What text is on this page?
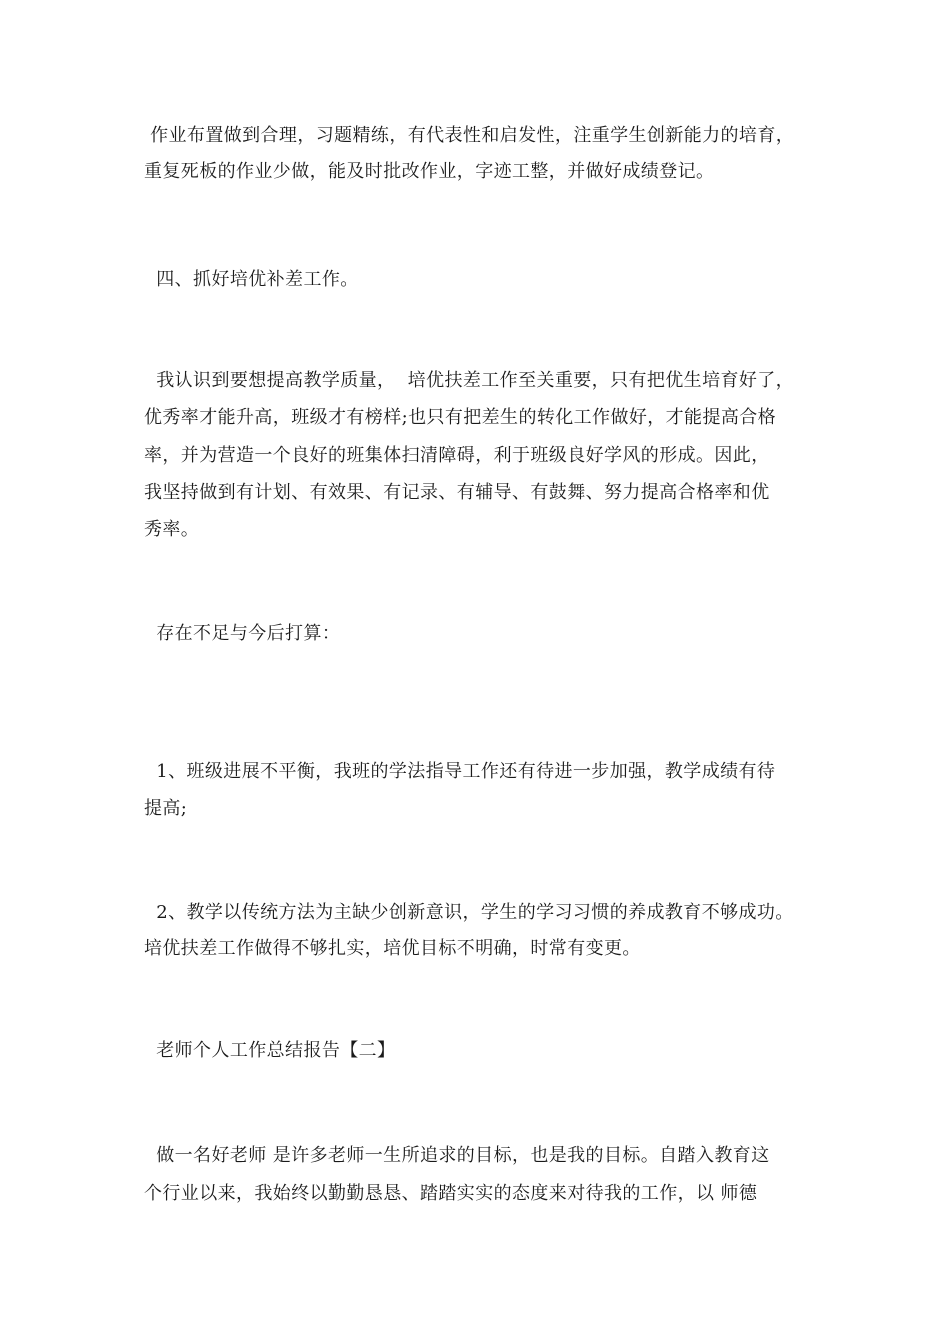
作业布置做到合理，习题精练，有代表性和启发性，注重学生创新能力的培育，
重复死板的作业少做，能及时批改作业，字迹工整，并做好成绩登记。
四、抓好培优补差工作。
我认识到要想提高教学质量，  培优扶差工作至关重要，只有把优生培育好了，
优秀率才能升高，班级才有榜样;也只有把差生的转化工作做好，才能提高合格
率，并为营造一个良好的班集体扫清障碍，利于班级良好学风的形成。因此，
我坚持做到有计划、有效果、有记录、有辅导、有鼓舞、努力提高合格率和优
秀率。
存在不足与今后打算：
1、班级进展不平衡，我班的学法指导工作还有待进一步加强，教学成绩有待
提高;
2、教学以传统方法为主缺少创新意识，学生的学习习惯的养成教育不够成功。
培优扶差工作做得不够扎实，培优目标不明确，时常有变更。
老师个人工作总结报告【二】
做一名好老师 是许多老师一生所追求的目标，也是我的目标。自踏入教育这
个行业以来，我始终以勤勤恳恳、踏踏实实的态度来对待我的工作，以 师德
